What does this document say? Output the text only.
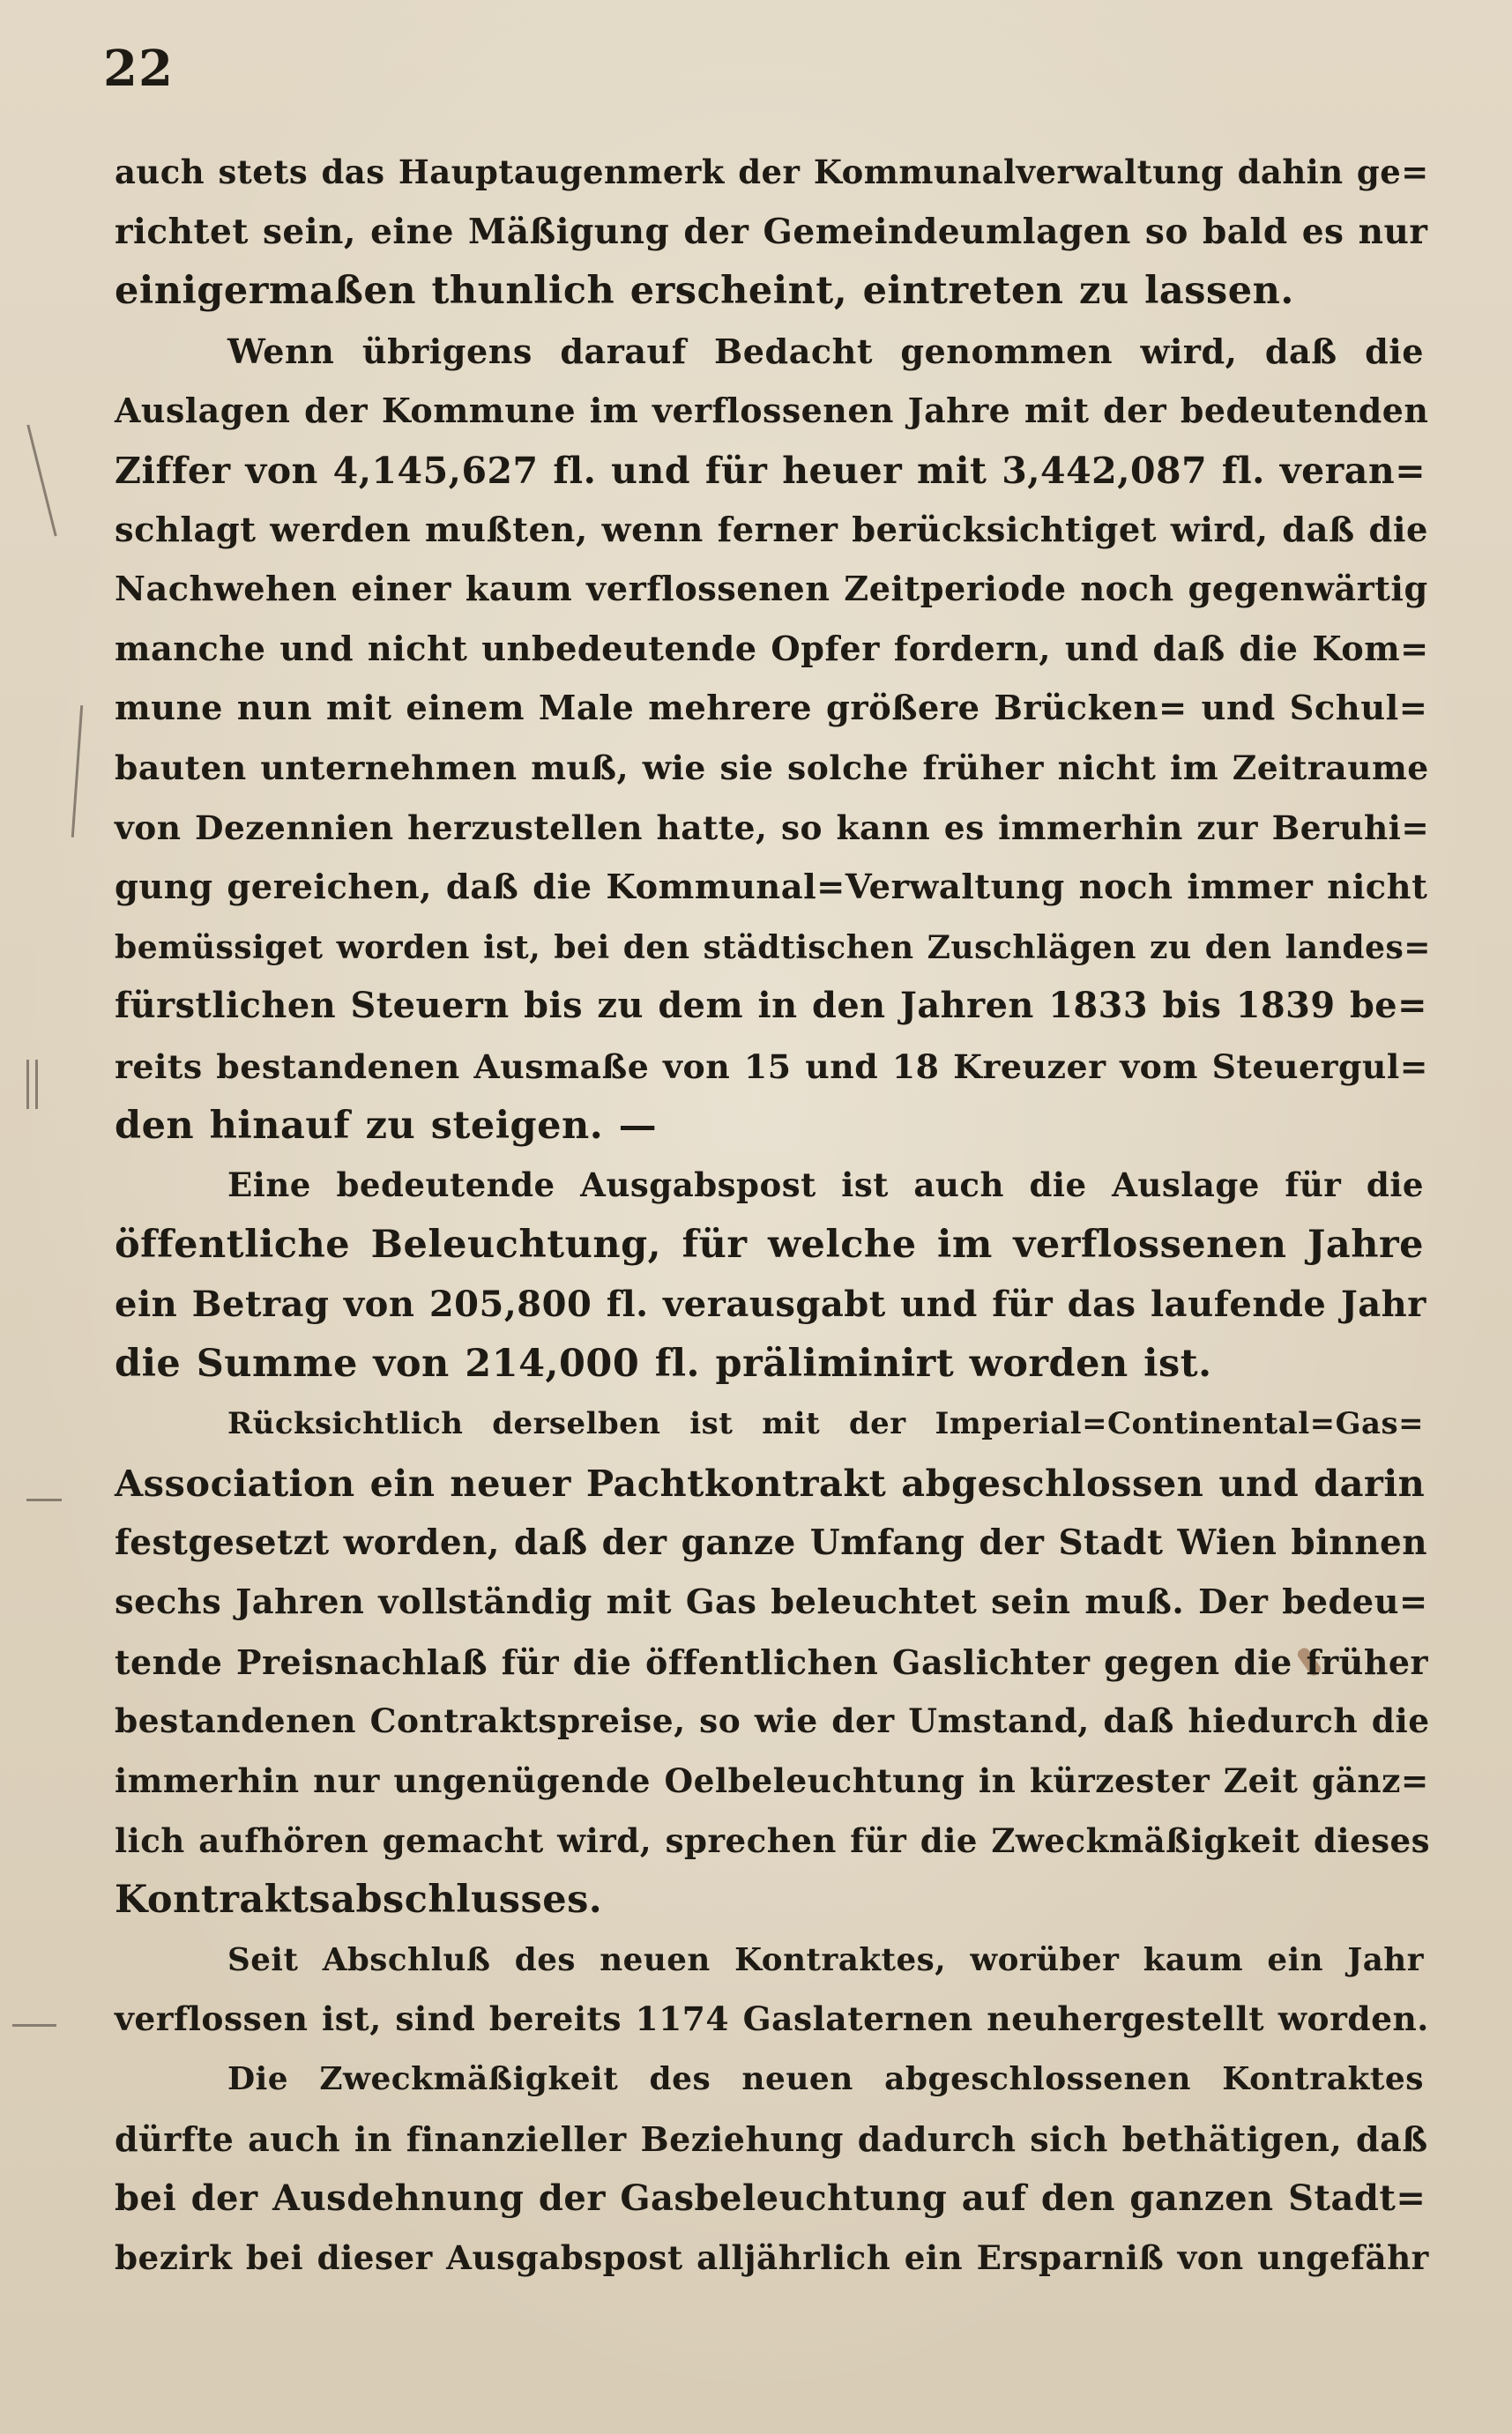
22
auch stets das Hauptaugenmerk der Kommunalverwaltung dahin ge=
richtet sein, eine Mäßigung der Gemeindeumlagen so bald es nur
einigermaßen thunlich erscheint, eintreten zu lassen.
Wenn übrigens darauf Bedacht genommen wird, daß die
Auslagen der Kommune im verflossenen Jahre mit der bedeutenden
Ziffer von 4,145,627 fl. und für heuer mit 3,442,087 fl. veran=
schlagt werden mußten, wenn ferner berücksichtiget wird, daß die
Nachwehen einer kaum verflossenen Zeitperiode noch gegenwärtig
manche und nicht unbedeutende Opfer fordern, und daß die Kom=
mune nun mit einem Male mehrere größere Brücken= und Schul=
bauten unternehmen muß, wie sie solche früher nicht im Zeitraume
von Dezennien herzustellen hatte, so kann es immerhin zur Beruhi=
gung gereichen, daß die Kommunal=Verwaltung noch immer nicht
bemüssiget worden ist, bei den städtischen Zuschlägen zu den landes=
fürstlichen Steuern bis zu dem in den Jahren 1833 bis 1839 be=
reits bestandenen Ausmaße von 15 und 18 Kreuzer vom Steuergul=
den hinauf zu steigen. —
Eine bedeutende Ausgabspost ist auch die Auslage für die
öffentliche Beleuchtung, für welche im verflossenen Jahre
ein Betrag von 205,800 fl. verausgabt und für das laufende Jahr
die Summe von 214,000 fl. präliminirt worden ist.
Rücksichtlich derselben ist mit der Imperial=Continental=Gas=
Association ein neuer Pachtkontrakt abgeschlossen und darin
festgesetzt worden, daß der ganze Umfang der Stadt Wien binnen
sechs Jahren vollständig mit Gas beleuchtet sein muß. Der bedeu=
tende Preisnachlaß für die öffentlichen Gaslichter gegen die früher
bestandenen Contraktspreise, so wie der Umstand, daß hiedurch die
immerhin nur ungenügende Oelbeleuchtung in kürzester Zeit gänz=
lich aufhören gemacht wird, sprechen für die Zweckmäßigkeit dieses
Kontraktsabschlusses.
Seit Abschluß des neuen Kontraktes, worüber kaum ein Jahr
verflossen ist, sind bereits 1174 Gaslaternen neuhergestellt worden.
Die Zweckmäßigkeit des neuen abgeschlossenen Kontraktes
dürfte auch in finanzieller Beziehung dadurch sich bethätigen, daß
bei der Ausdehnung der Gasbeleuchtung auf den ganzen Stadt=
bezirk bei dieser Ausgabspost alljährlich ein Ersparniß von ungefähr
